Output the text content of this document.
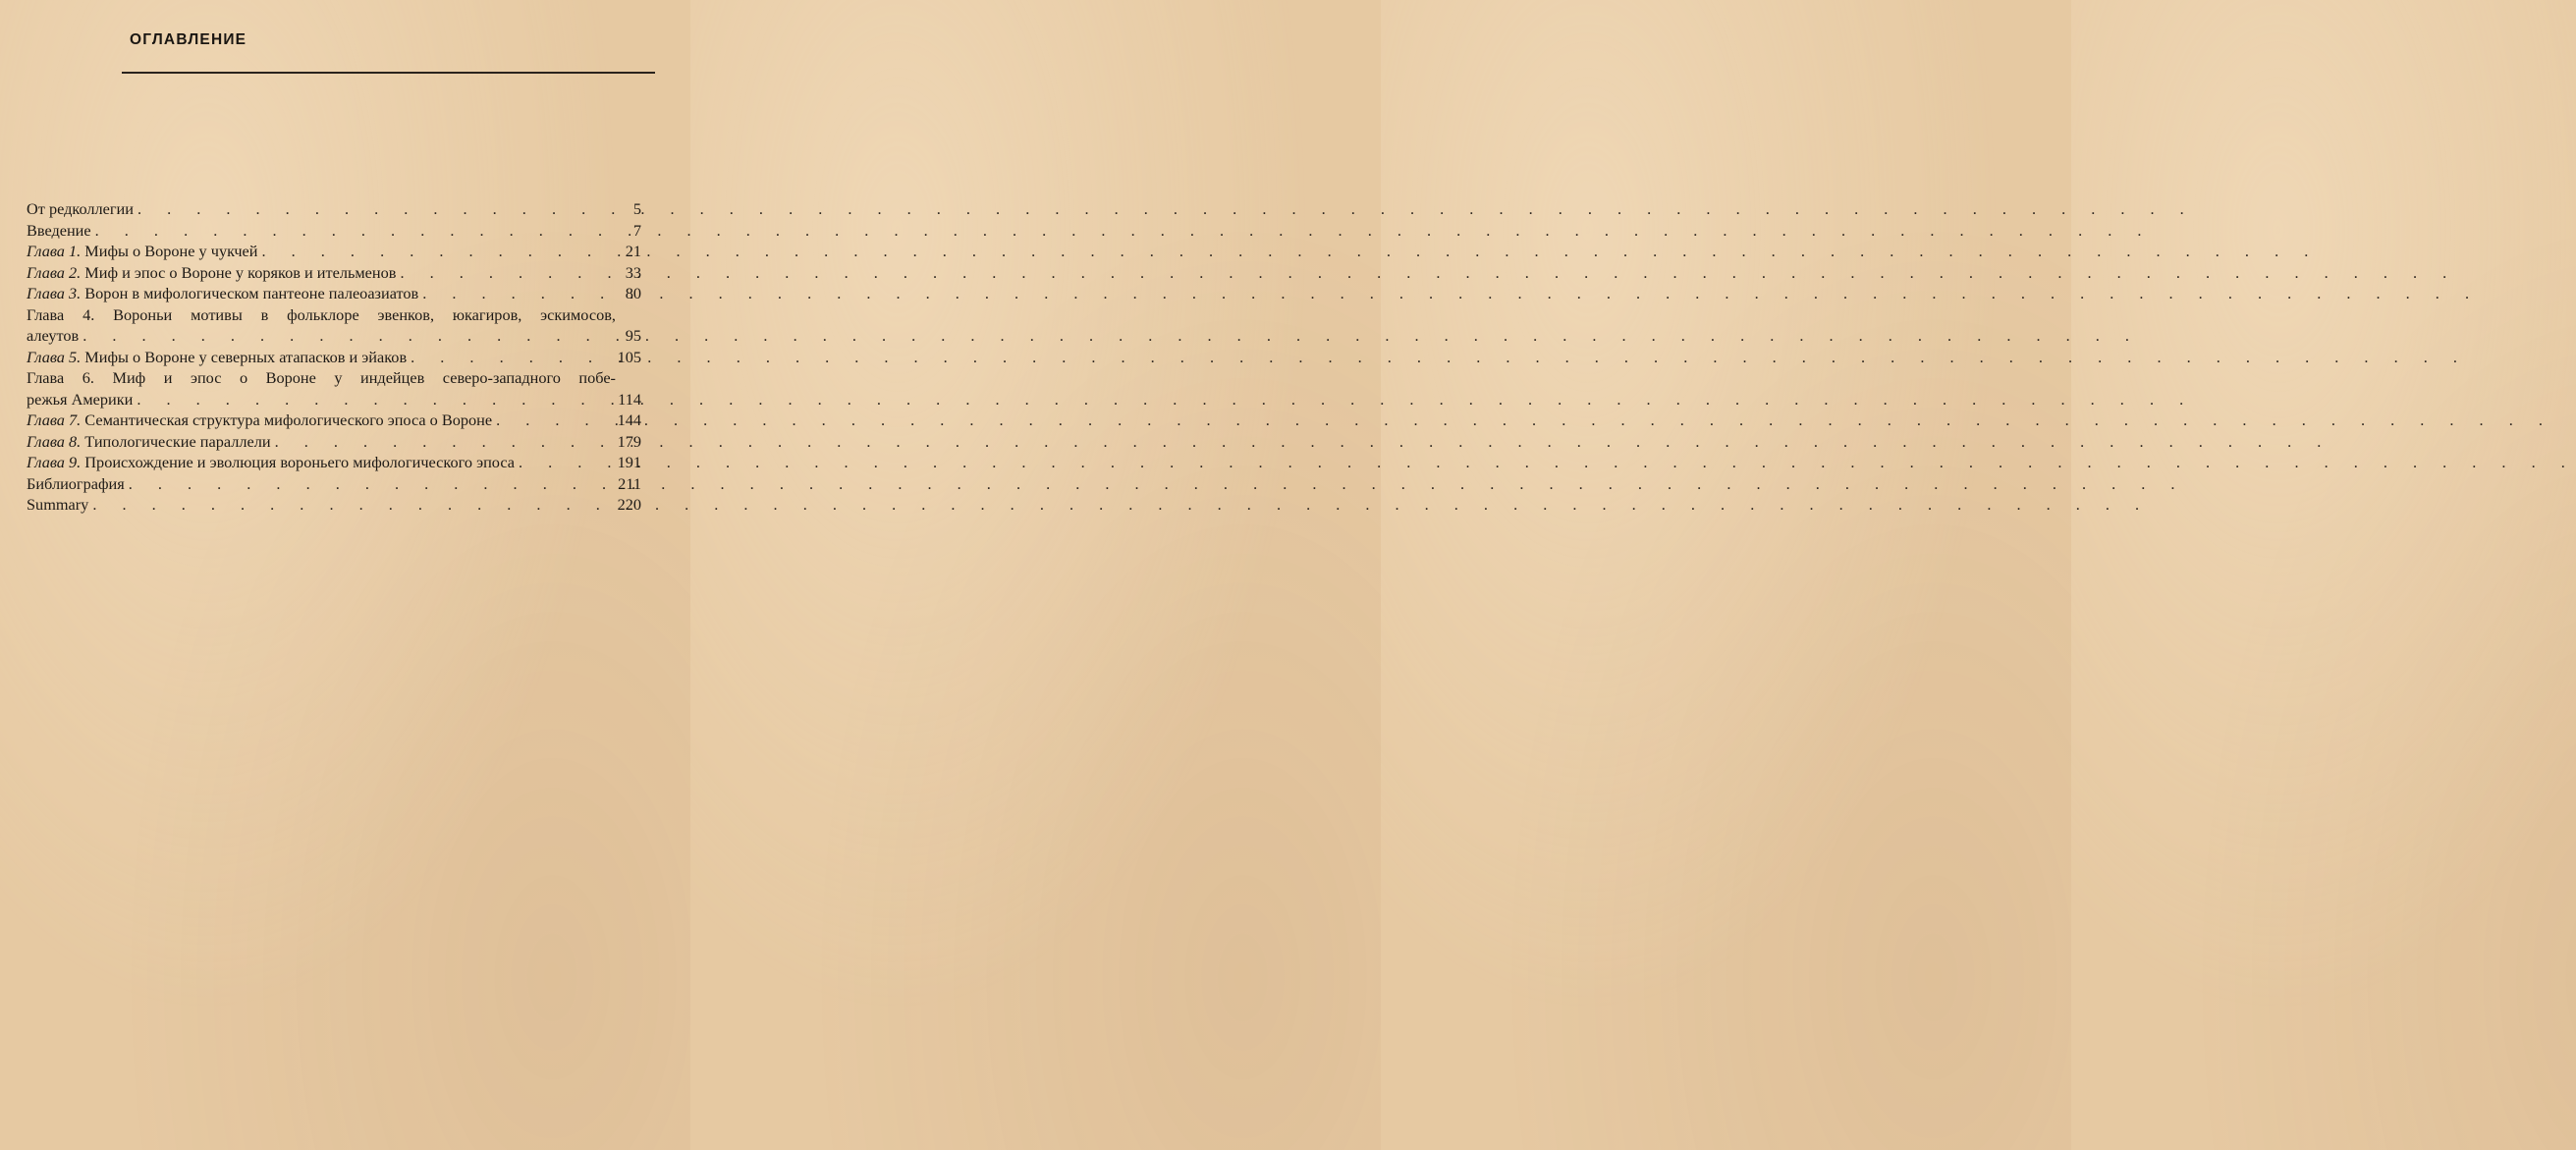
ОГЛАВЛЕНИЕ
От редколлегии . . .	5
Введение . . .	7
Глава 1. Мифы о Вороне у чукчей . . .	21
Глава 2. Миф и эпос о Вороне у коряков и ительменов . . .	33
Глава 3. Ворон в мифологическом пантеоне палеоазиатов . . .	80
Глава 4. Вороньи мотивы в фольклоре эвенков, юкагиров, эскимосов,
алеутов . . .	95
Глава 5. Мифы о Вороне у северных атапасков и эйаков . . .	105
Глава 6. Миф и эпос о Вороне у индейцев северо-западного побе-
режья Америки . . .	114
Глава 7. Семантическая структура мифологического эпоса о Вороне . . .	144
Глава 8. Типологические параллели . . .	179
Глава 9. Происхождение и эволюция вороньего мифологического эпоса . . .	191
Библиография . . .	211
Summary . . .	220
